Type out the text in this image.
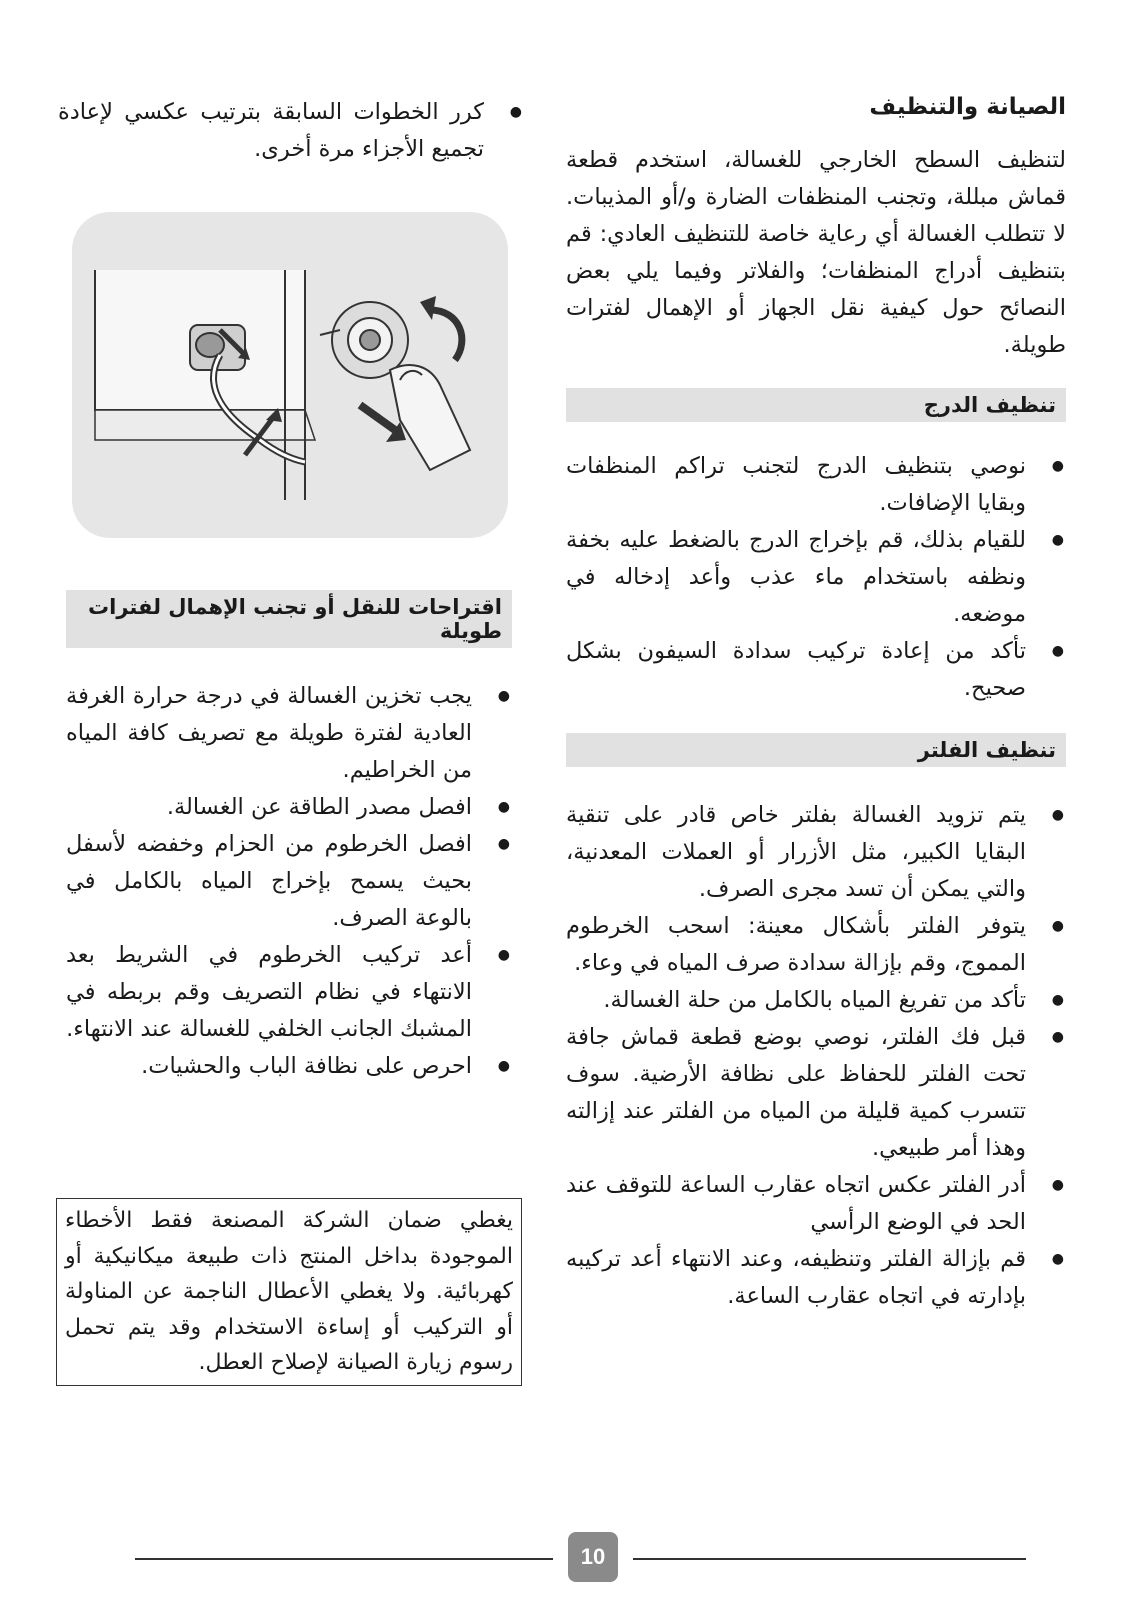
الصيانة والتنظيف

لتنظيف السطح الخارجي للغسالة، استخدم قطعة قماش مبللة، وتجنب المنظفات الضارة و/أو المذيبات. لا تتطلب الغسالة أي رعاية خاصة للتنظيف العادي: قم بتنظيف أدراج المنظفات؛ والفلاتر وفيما يلي بعض النصائح حول كيفية نقل الجهاز أو الإهمال لفترات طويلة.

تنظيف الدرج
● نوصي بتنظيف الدرج لتجنب تراكم المنظفات وبقايا الإضافات.
● للقيام بذلك، قم بإخراج الدرج بالضغط عليه بخفة ونظفه باستخدام ماء عذب وأعد إدخاله في موضعه.
● تأكد من إعادة تركيب سدادة السيفون بشكل صحيح.
تنظيف الفلتر
● يتم تزويد الغسالة بفلتر خاص قادر على تنقية البقايا الكبير، مثل الأزرار أو العملات المعدنية، والتي يمكن أن تسد مجرى الصرف.
● يتوفر الفلتر بأشكال معينة: اسحب الخرطوم المموج، وقم بإزالة سدادة صرف المياه في وعاء.
● تأكد من تفريغ المياه بالكامل من حلة الغسالة.
● قبل فك الفلتر، نوصي بوضع قطعة قماش جافة تحت الفلتر للحفاظ على نظافة الأرضية. سوف تتسرب كمية قليلة من المياه من الفلتر عند إزالته وهذا أمر طبيعي.
● أدر الفلتر عكس اتجاه عقارب الساعة للتوقف عند الحد في الوضع الرأسي
● قم بإزالة الفلتر وتنظيفه، وعند الانتهاء أعد تركيبه بإدارته في اتجاه عقارب الساعة.
● كرر الخطوات السابقة بترتيب عكسي لإعادة تجميع الأجزاء مرة أخرى.
اقتراحات للنقل أو تجنب الإهمال لفترات طويلة
● يجب تخزين الغسالة في درجة حرارة الغرفة العادية لفترة طويلة مع تصريف كافة المياه من الخراطيم.
● افصل مصدر الطاقة عن الغسالة.
● افصل الخرطوم من الحزام وخفضه لأسفل بحيث يسمح بإخراج المياه بالكامل في بالوعة الصرف.
● أعد تركيب الخرطوم في الشريط بعد الانتهاء في نظام التصريف وقم بربطه في المشبك الجانب الخلفي للغسالة عند الانتهاء.
● احرص على نظافة الباب والحشيات.
يغطي ضمان الشركة المصنعة فقط الأخطاء الموجودة بداخل المنتج ذات طبيعة ميكانيكية أو كهربائية. ولا يغطي الأعطال الناجمة عن المناولة أو التركيب أو إساءة الاستخدام وقد يتم تحمل رسوم زيارة الصيانة لإصلاح العطل.
10
